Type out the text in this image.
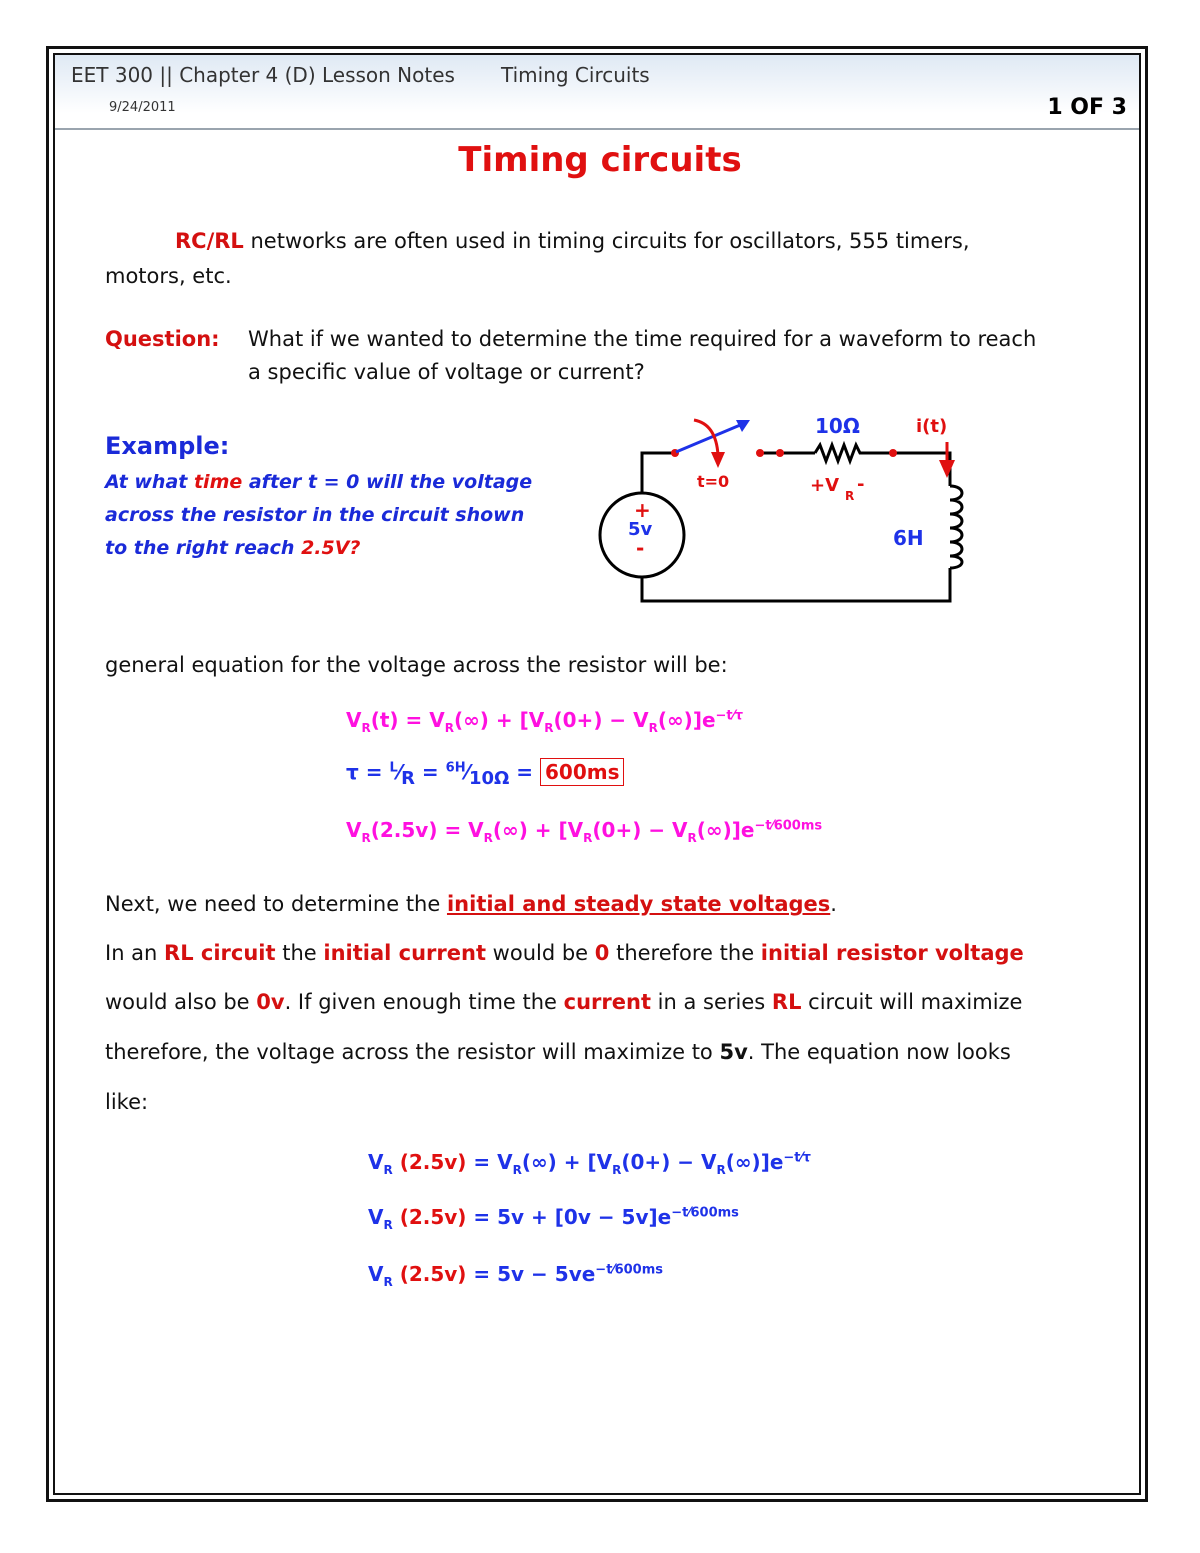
EET 300 || Chapter 4 (D) Lesson Notes Timing Circuits
9/24/2011	1 OF 3
Timing circuits
RC/RL networks are often used in timing circuits for oscillators, 555 timers,
motors, etc.
Question: What if we wanted to determine the time required for a waveform to reach
a specific value of voltage or current?
Example:
At what time after t = 0 will the voltage
across the resistor in the circuit shown
to the right reach 2.5V?
t=0
10Ω
+V R
-
i(t)
6H
+
5v
-
general equation for the voltage across the resistor will be:
$V_R(t) = V_R(\infty) + [V_R(0+) - V_R(\infty)]e^{-t⁄\tau}$
$\tau = ^L⁄_R$ = $^{6H}⁄_{10\Omega} = 600ms$
$V_R(2.5v) = V_R(\infty) + [V_R(0+) - V_R(\infty)]e^{-t⁄600ms}$
Next, we need to determine the initial and steady state voltages.
In an RL circuit the initial current would be 0 therefore the initial resistor voltage
would also be 0v. If given enough time the current in a series RL circuit will maximize
therefore, the voltage across the resistor will maximize to 5v. The equation now looks
like:
$V_R$ $(2.5v) = V_R(\infty) + [V_R(0+) - V_R(\infty)]e^{-t⁄\tau}$
$V_R$ $(2.5v) = 5v + [0v - 5v]e^{-t⁄600ms}$
$V_R$ $(2.5v) = 5v - 5ve^{-t⁄600ms}$
